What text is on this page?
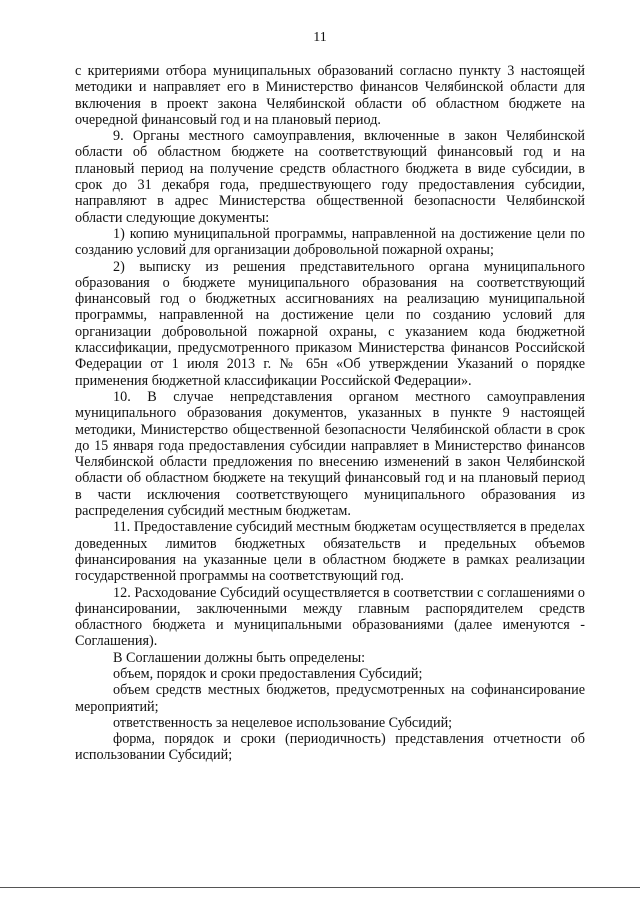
11

с критериями отбора муниципальных образований согласно пункту 3 настоящей методики и направляет его в Министерство финансов Челябинской области для включения в проект закона Челябинской области об областном бюджете на очередной финансовый год и на плановый период.

9. Органы местного самоуправления, включенные в закон Челябинской области об областном бюджете на соответствующий финансовый год и на плановый период на получение средств областного бюджета в виде субсидии, в срок до 31 декабря года, предшествующего году предоставления субсидии, направляют в адрес Министерства общественной безопасности Челябинской области следующие документы:

1) копию муниципальной программы, направленной на достижение цели по созданию условий для организации добровольной пожарной охраны;

2) выписку из решения представительного органа муниципального образования о бюджете муниципального образования на соответствующий финансовый год о бюджетных ассигнованиях на реализацию муниципальной программы, направленной на достижение цели по созданию условий для организации добровольной пожарной охраны, с указанием кода бюджетной классификации, предусмотренного приказом Министерства финансов Российской Федерации от 1 июля 2013 г. № 65н «Об утверждении Указаний о порядке применения бюджетной классификации Российской Федерации».

10. В случае непредставления органом местного самоуправления муниципального образования документов, указанных в пункте 9 настоящей методики, Министерство общественной безопасности Челябинской области в срок до 15 января года предоставления субсидии направляет в Министерство финансов Челябинской области предложения по внесению изменений в закон Челябинской области об областном бюджете на текущий финансовый год и на плановый период в части исключения соответствующего муниципального образования из распределения субсидий местным бюджетам.

11. Предоставление субсидий местным бюджетам осуществляется в пределах доведенных лимитов бюджетных обязательств и предельных объемов финансирования на указанные цели в областном бюджете в рамках реализации государственной программы на соответствующий год.

12. Расходование Субсидий осуществляется в соответствии с соглашениями о финансировании, заключенными между главным распорядителем средств областного бюджета и муниципальными образованиями (далее именуются - Соглашения).

В Соглашении должны быть определены:

объем, порядок и сроки предоставления Субсидий;

объем средств местных бюджетов, предусмотренных на софинансирование мероприятий;

ответственность за нецелевое использование Субсидий;

форма, порядок и сроки (периодичность) представления отчетности об использовании Субсидий;
